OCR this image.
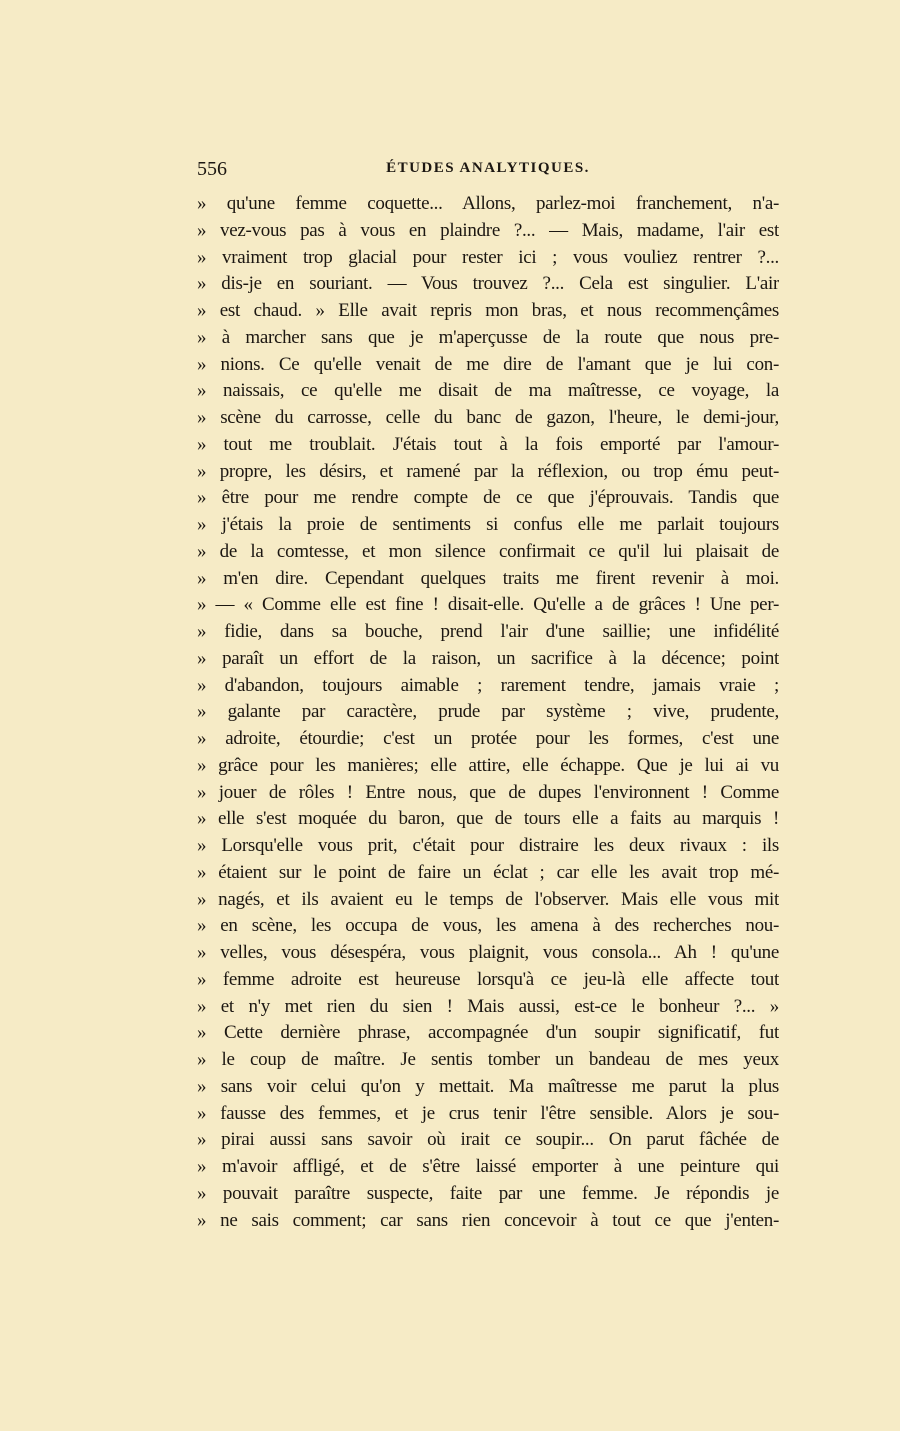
556	ÉTUDES ANALYTIQUES.
» qu'une femme coquette... Allons, parlez-moi franchement, n'a-
» vez-vous pas à vous en plaindre ?... — Mais, madame, l'air est
» vraiment trop glacial pour rester ici ; vous vouliez rentrer ?...
» dis-je en souriant. — Vous trouvez ?... Cela est singulier. L'air
» est chaud. » Elle avait repris mon bras, et nous recommençâmes
» à marcher sans que je m'aperçusse de la route que nous pre-
» nions. Ce qu'elle venait de me dire de l'amant que je lui con-
» naissais, ce qu'elle me disait de ma maîtresse, ce voyage, la
» scène du carrosse, celle du banc de gazon, l'heure, le demi-jour,
» tout me troublait. J'étais tout à la fois emporté par l'amour-
» propre, les désirs, et ramené par la réflexion, ou trop ému peut-
» être pour me rendre compte de ce que j'éprouvais. Tandis que
» j'étais la proie de sentiments si confus elle me parlait toujours
» de la comtesse, et mon silence confirmait ce qu'il lui plaisait de
» m'en dire. Cependant quelques traits me firent revenir à moi.
» — « Comme elle est fine ! disait-elle. Qu'elle a de grâces ! Une per-
» fidie, dans sa bouche, prend l'air d'une saillie; une infidélité
» paraît un effort de la raison, un sacrifice à la décence; point
» d'abandon, toujours aimable ; rarement tendre, jamais vraie ;
» galante par caractère, prude par système ; vive, prudente,
» adroite, étourdie; c'est un protée pour les formes, c'est une
» grâce pour les manières; elle attire, elle échappe. Que je lui ai vu
» jouer de rôles ! Entre nous, que de dupes l'environnent ! Comme
» elle s'est moquée du baron, que de tours elle a faits au marquis !
» Lorsqu'elle vous prit, c'était pour distraire les deux rivaux : ils
» étaient sur le point de faire un éclat ; car elle les avait trop mé-
» nagés, et ils avaient eu le temps de l'observer. Mais elle vous mit
» en scène, les occupa de vous, les amena à des recherches nou-
» velles, vous désespéra, vous plaignit, vous consola... Ah ! qu'une
» femme adroite est heureuse lorsqu'à ce jeu-là elle affecte tout
» et n'y met rien du sien ! Mais aussi, est-ce le bonheur ?... »
» Cette dernière phrase, accompagnée d'un soupir significatif, fut
» le coup de maître. Je sentis tomber un bandeau de mes yeux
» sans voir celui qu'on y mettait. Ma maîtresse me parut la plus
» fausse des femmes, et je crus tenir l'être sensible. Alors je sou-
» pirai aussi sans savoir où irait ce soupir... On parut fâchée de
» m'avoir affligé, et de s'être laissé emporter à une peinture qui
» pouvait paraître suspecte, faite par une femme. Je répondis je
» ne sais comment; car sans rien concevoir à tout ce que j'enten-
